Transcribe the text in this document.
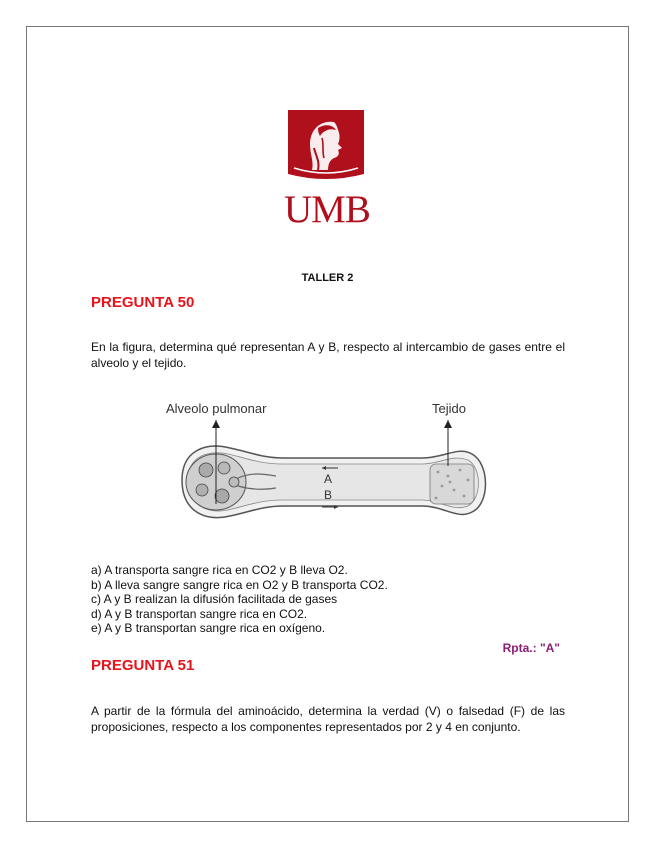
UMB
TALLER 2
PREGUNTA 50
En la figura, determina qué representan A y B, respecto al intercambio de gases entre el alveolo y el tejido.
Alveolo pulmonar	Tejido
A
B
a) A transporta sangre rica en CO2 y B lleva O2.
b) A lleva sangre sangre rica en O2 y B transporta CO2.
c) A y B realizan la difusión facilitada de gases
d) A y B transportan sangre rica en CO2.
e) A y B transportan sangre rica en oxígeno.
Rpta.: "A"
PREGUNTA 51
A partir de la fórmula del aminoácido, determina la verdad (V) o falsedad (F) de las proposiciones, respecto a los componentes representados por 2 y 4 en conjunto.
